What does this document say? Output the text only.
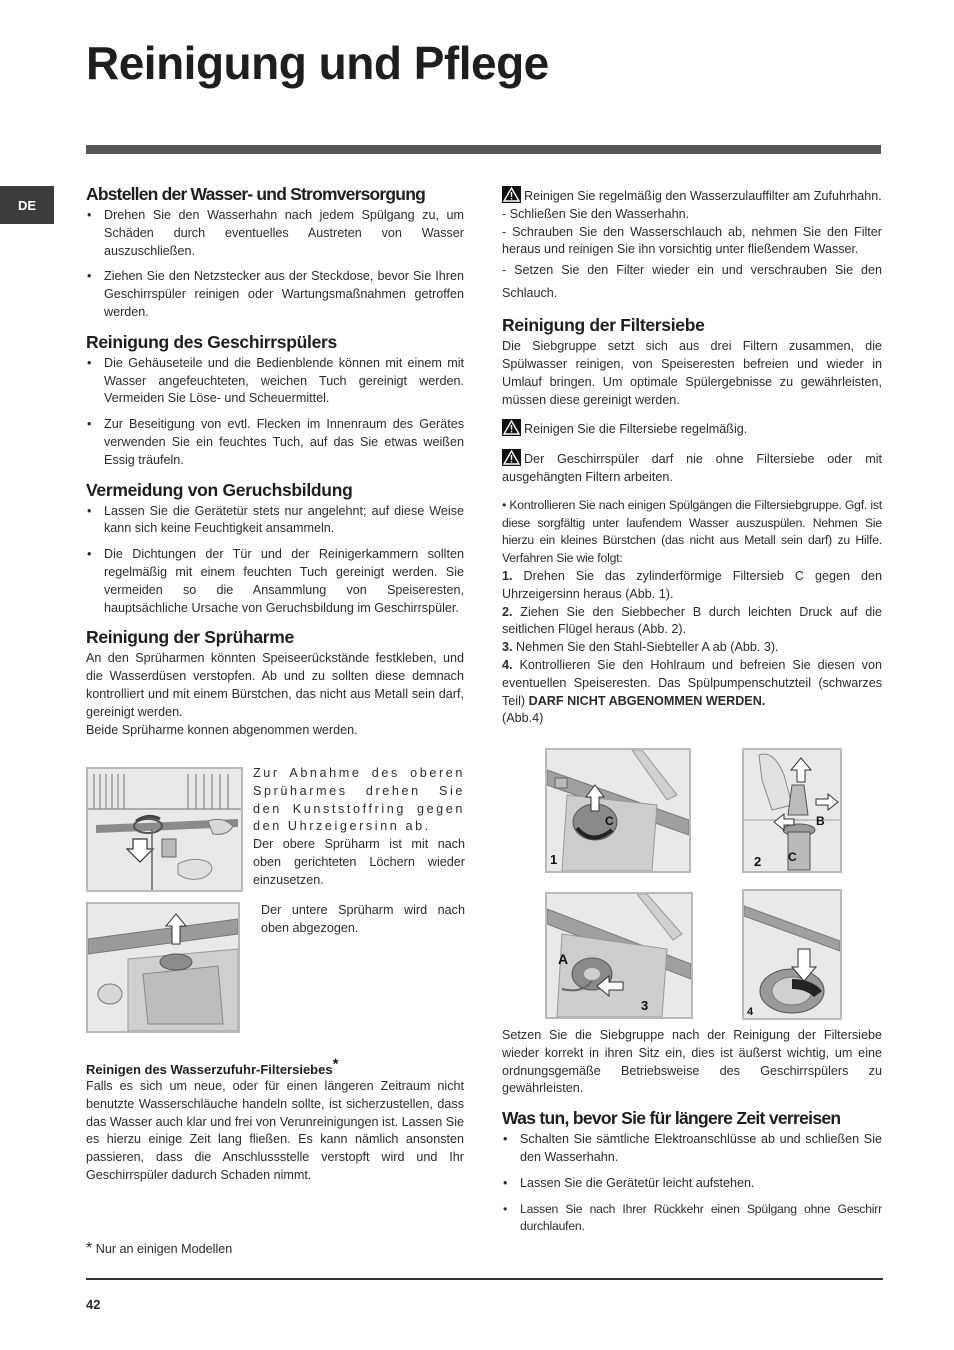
Reinigung und Pflege
DE
Abstellen der Wasser- und Stromversorgung
• Drehen Sie den Wasserhahn nach jedem Spülgang zu, um Schäden durch eventuelles Austreten von Wasser auszuschließen.
• Ziehen Sie den Netzstecker aus der Steckdose, bevor Sie Ihren Geschirrspüler reinigen oder Wartungsmaßnahmen getroffen werden.
Reinigung des Geschirrspülers
• Die Gehäuseteile und die Bedienblende können mit einem mit Wasser angefeuchteten, weichen Tuch gereinigt werden. Vermeiden Sie Löse- und Scheuermittel.
• Zur Beseitigung von evtl. Flecken im Innenraum des Gerätes verwenden Sie ein feuchtes Tuch, auf das Sie etwas weißen Essig träufeln.
Vermeidung von Geruchsbildung
• Lassen Sie die Gerätetür stets nur angelehnt; auf diese Weise kann sich keine Feuchtigkeit ansammeln.
• Die Dichtungen der Tür und der Reinigerkammern sollten regelmäßig mit einem feuchten Tuch gereinigt werden. Sie vermeiden so die Ansammlung von Speiseresten, hauptsächliche Ursache von Geruchsbildung im Geschirrspüler.
Reinigung der Sprüharme

An den Sprüharmen könnten Speiseerückstände festkleben, und die Wasserdüsen verstopfen. Ab und zu sollten diese demnach kontrolliert und mit einem Bürstchen, das nicht aus Metall sein darf, gereinigt werden.

Beide Sprüharme konnen abgenommen werden.

Zur Abnahme des oberen Sprüharmes drehen Sie den Kunststoffring gegen den Uhrzeigersinn ab.

Der obere Sprüharm ist mit nach oben gerichteten Löchern wieder einzusetzen.

Der untere Sprüharm wird nach oben abgezogen.

Reinigen des Wasserzufuhr-Filtersiebes*

Falls es sich um neue, oder für einen längeren Zeitraum nicht benutzte Wasserschläuche handeln sollte, ist sicherzustellen, dass das Wasser auch klar und frei von Verunreinigungen ist. Lassen Sie es hierzu einige Zeit lang fließen. Es kann nämlich ansonsten passieren, dass die Anschlussstelle verstopft wird und Ihr Geschirrspüler dadurch Schaden nimmt.

Reinigen Sie regelmäßig den Wasserzulauffilter am Zufuhrhahn.

- Schließen Sie den Wasserhahn.

- Schrauben Sie den Wasserschlauch ab, nehmen Sie den Filter heraus und reinigen Sie ihn vorsichtig unter fließendem Wasser.

- Setzen Sie den Filter wieder ein und verschrauben Sie den Schlauch.

Reinigung der Filtersiebe

Die Siebgruppe setzt sich aus drei Filtern zusammen, die Spülwasser reinigen, von Speiseresten befreien und wieder in Umlauf bringen. Um optimale Spülergebnisse zu gewährleisten, müssen diese gereinigt werden.

Reinigen Sie die Filtersiebe regelmäßig.

Der Geschirrspüler darf nie ohne Filtersiebe oder mit ausgehängten Filtern arbeiten.

• Kontrollieren Sie nach einigen Spülgängen die Filtersiebgruppe. Ggf. ist diese sorgfältig unter laufendem Wasser auszuspülen. Nehmen Sie hierzu ein kleines Bürstchen (das nicht aus Metall sein darf) zu Hilfe. Verfahren Sie wie folgt:

1. Drehen Sie das zylinderförmige Filtersieb C gegen den Uhrzeigersinn heraus (Abb. 1).

2. Ziehen Sie den Siebbecher B durch leichten Druck auf die seitlichen Flügel heraus (Abb. 2).

3. Nehmen Sie den Stahl-Siebteller A ab (Abb. 3).

4. Kontrollieren Sie den Hohlraum und befreien Sie diesen von eventuellen Speiseresten. Das Spülpumpenschutzteil (schwarzes Teil) DARF NICHT ABGENOMMEN WERDEN.
(Abb.4)

1
C
2
B
C
A
3	4

Setzen Sie die Siebgruppe nach der Reinigung der Filtersiebe wieder korrekt in ihren Sitz ein, dies ist äußerst wichtig, um eine ordnungsgemäße Betriebsweise des Geschirrspülers zu gewährleisten.

Was tun, bevor Sie für längere Zeit verreisen
• Schalten Sie sämtliche Elektroanschlüsse ab und schließen Sie den Wasserhahn.
• Lassen Sie die Gerätetür leicht aufstehen.
• Lassen Sie nach Ihrer Rückkehr einen Spülgang ohne Geschirr durchlaufen.
* Nur an einigen Modellen
42
